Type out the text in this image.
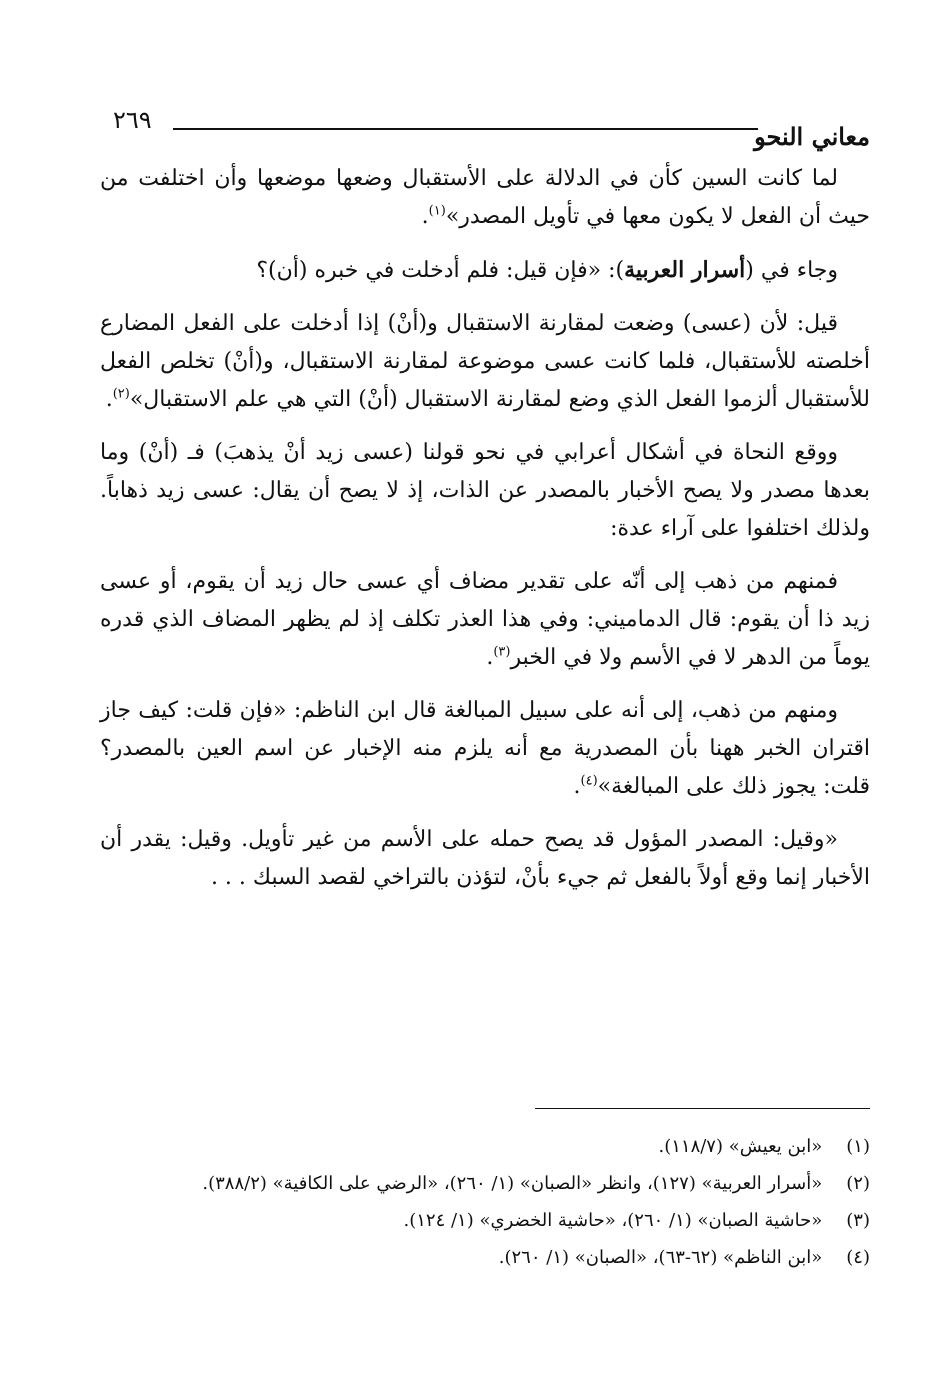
٢٦٩
معاني النحو

لما كانت السين كأن في الدلالة على الأستقبال وضعها موضعها وأن اختلفت من حيث أن الفعل لا يكون معها في تأويل المصدر»$^{(١)}$.

وجاء في (أسرار العربية): «فإن قيل: فلم أدخلت في خبره (أن)؟

قيل: لأن (عسى) وضعت لمقارنة الاستقبال و(أنْ) إذا أدخلت على الفعل المضارع أخلصته للأستقبال، فلما كانت عسى موضوعة لمقارنة الاستقبال، و(أنْ) تخلص الفعل للأستقبال ألزموا الفعل الذي وضع لمقارنة الاستقبال (أنْ) التي هي علم الاستقبال»$^{(٢)}$.

ووقع النحاة في أشكال أعرابي في نحو قولنا (عسى زيد أنْ يذهبَ) فـ (أنْ) وما بعدها مصدر ولا يصح الأخبار بالمصدر عن الذات، إذ لا يصح أن يقال: عسى زيد ذهاباً. ولذلك اختلفوا على آراء عدة:

فمنهم من ذهب إلى أنّه على تقدير مضاف أي عسى حال زيد أن يقوم، أو عسى زيد ذا أن يقوم: قال الدماميني: وفي هذا العذر تكلف إذ لم يظهر المضاف الذي قدره يوماً من الدهر لا في الأسم ولا في الخبر$^{(٣)}$.

ومنهم من ذهب، إلى أنه على سبيل المبالغة قال ابن الناظم: «فإن قلت: كيف جاز اقتران الخبر ههنا بأن المصدرية مع أنه يلزم منه الإخبار عن اسم العين بالمصدر؟ قلت: يجوز ذلك على المبالغة»$^{(٤)}$.

«وقيل: المصدر المؤول قد يصح حمله على الأسم من غير تأويل. وقيل: يقدر أن الأخبار إنما وقع أولاً بالفعل ثم جيء بأنْ، لتؤذن بالتراخي لقصد السبك . . .

(١) «ابن يعيش» (١١٨/٧).
(٢) «أسرار العربية» (١٢٧)، وانظر «الصبان» (١/ ٢٦٠)، «الرضي على الكافية» (٣٨٨/٢).
(٣) «حاشية الصبان» (١/ ٢٦٠)، «حاشية الخضري» (١/ ١٢٤).
(٤) «ابن الناظم» (٦٢-٦٣)، «الصبان» (١/ ٢٦٠).
